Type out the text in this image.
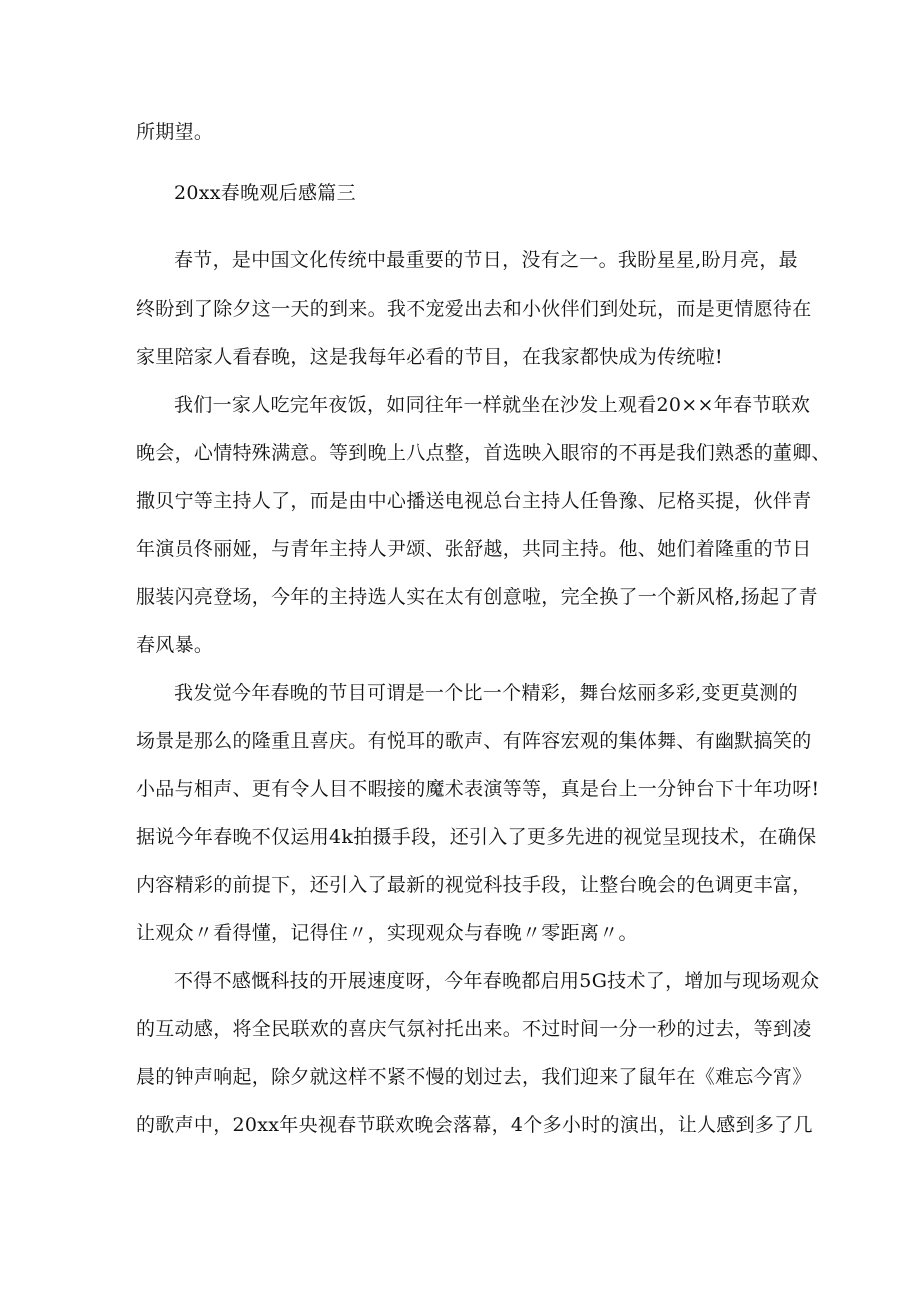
所期望。
20xx春晚观后感篇三
春节，是中国文化传统中最重要的节日，没有之一。我盼星星,盼月亮，最
终盼到了除夕这一天的到来。我不宠爱出去和小伙伴们到处玩，而是更情愿待在
家里陪家人看春晚，这是我每年必看的节目，在我家都快成为传统啦!
我们一家人吃完年夜饭，如同往年一样就坐在沙发上观看20××年春节联欢
晚会，心情特殊满意。等到晚上八点整，首选映入眼帘的不再是我们熟悉的董卿、
撒贝宁等主持人了，而是由中心播送电视总台主持人任鲁豫、尼格买提，伙伴青
年演员佟丽娅，与青年主持人尹颂、张舒越，共同主持。他、她们着隆重的节日
服装闪亮登场，今年的主持选人实在太有创意啦，完全换了一个新风格,扬起了青
春风暴。
我发觉今年春晚的节目可谓是一个比一个精彩，舞台炫丽多彩,变更莫测的
场景是那么的隆重且喜庆。有悦耳的歌声、有阵容宏观的集体舞、有幽默搞笑的
小品与相声、更有令人目不暇接的魔术表演等等，真是台上一分钟台下十年功呀!
据说今年春晚不仅运用4k拍摄手段，还引入了更多先进的视觉呈现技术，在确保
内容精彩的前提下，还引入了最新的视觉科技手段，让整台晚会的色调更丰富，
让观众〃看得懂，记得住〃，实现观众与春晚〃零距离〃。
不得不感慨科技的开展速度呀，今年春晚都启用5G技术了，增加与现场观众
的互动感，将全民联欢的喜庆气氛衬托出来。不过时间一分一秒的过去，等到凌
晨的钟声响起，除夕就这样不紧不慢的划过去，我们迎来了鼠年在《难忘今宵》
的歌声中，20xx年央视春节联欢晚会落幕，4个多小时的演出，让人感到多了几
